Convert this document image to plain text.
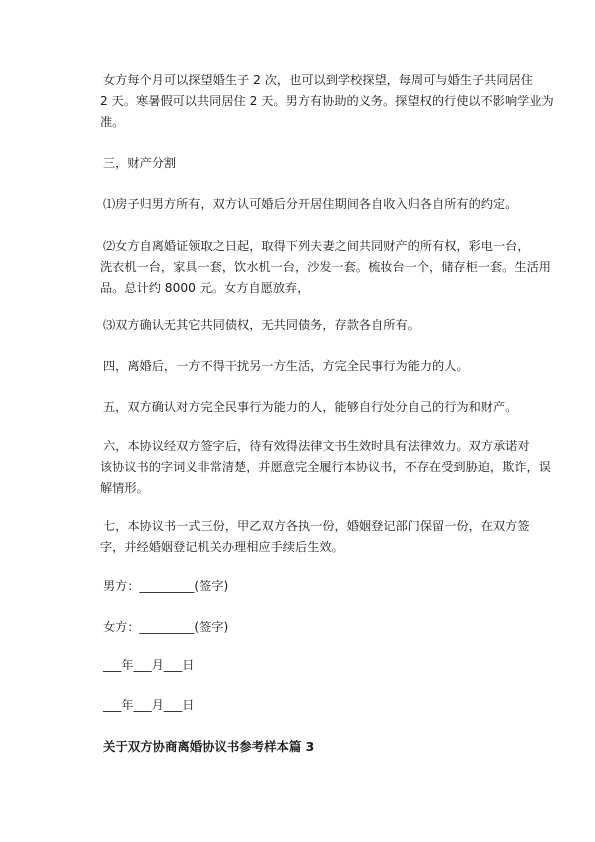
女方每个月可以探望婚生子 2 次，也可以到学校探望，每周可与婚生子共同居住
2 天。寒暑假可以共同居住 2 天。男方有协助的义务。探望权的行使以不影响学业为
准。

三，财产分割

⑴房子归男方所有，双方认可婚后分开居住期间各自收入归各自所有的约定。

⑵女方自离婚证领取之日起，取得下列夫妻之间共同财产的所有权，彩电一台，
洗衣机一台，家具一套，饮水机一台，沙发一套。梳妆台一个，储存柜一套。生活用
品。总计约 8000 元。女方自愿放弃，

⑶双方确认无其它共同债权，无共同债务，存款各自所有。

四，离婚后，一方不得干扰另一方生活，方完全民事行为能力的人。

五，双方确认对方完全民事行为能力的人，能够自行处分自己的行为和财产。

六，本协议经双方签字后，待有效得法律文书生效时具有法律效力。双方承诺对
该协议书的字词义非常清楚，并愿意完全履行本协议书，不存在受到胁迫，欺诈，误
解情形。
七，本协议书一式三份，甲乙双方各执一份，婚姻登记部门保留一份，在双方签
字，并经婚姻登记机关办理相应手续后生效。

男方：_________(签字)

女方：_________(签字)

___年___月___日

___年___月___日

关于双方协商离婚协议书参考样本篇 3
